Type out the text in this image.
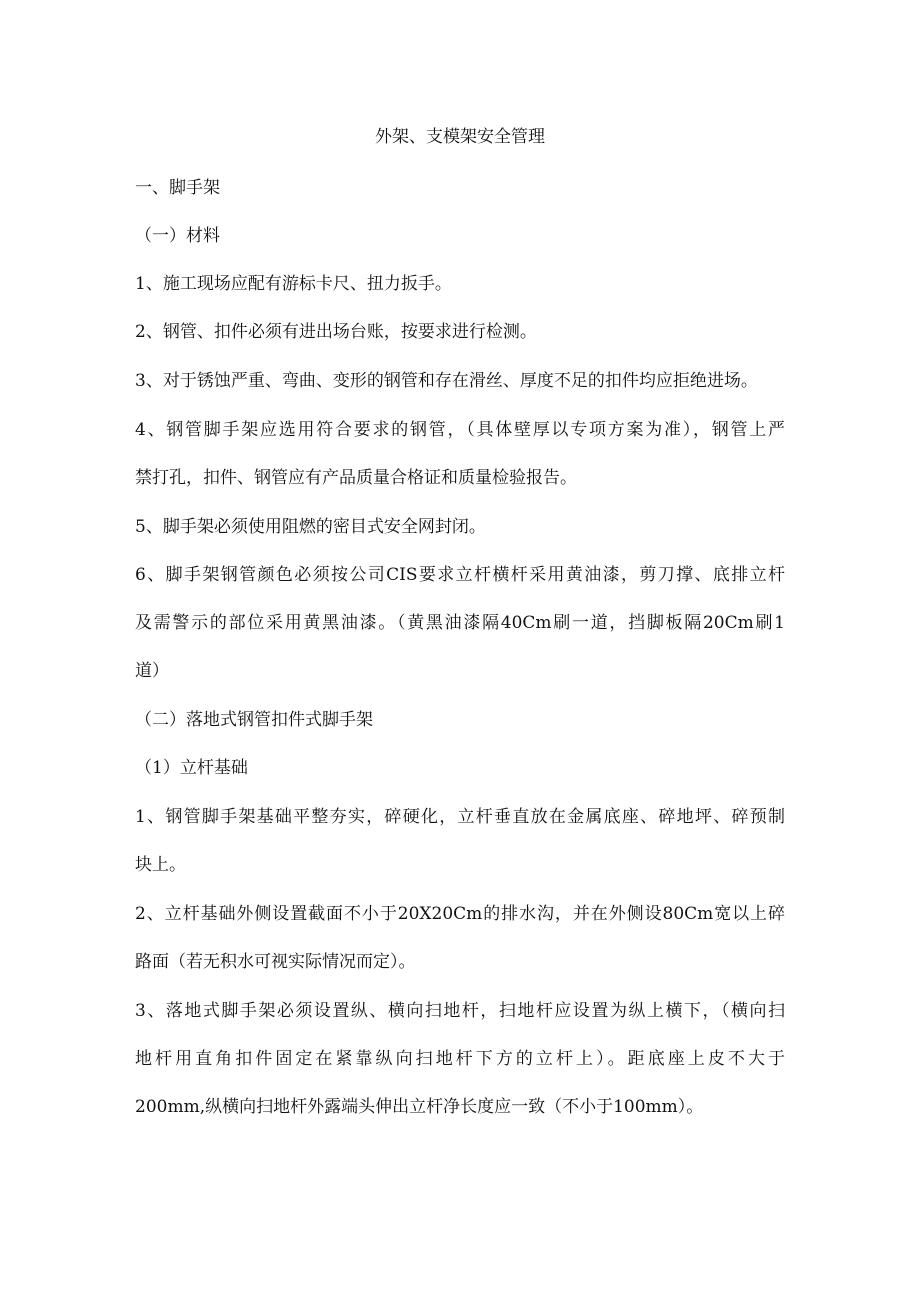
外架、支模架安全管理
一、脚手架
（一）材料
1、施工现场应配有游标卡尺、扭力扳手。
2、钢管、扣件必须有进出场台账，按要求进行检测。
3、对于锈蚀严重、弯曲、变形的钢管和存在滑丝、厚度不足的扣件均应拒绝进场。
4、钢管脚手架应选用符合要求的钢管，（具体壁厚以专项方案为准），钢管上严
禁打孔，扣件、钢管应有产品质量合格证和质量检验报告。
5、脚手架必须使用阻燃的密目式安全网封闭。
6、脚手架钢管颜色必须按公司CIS要求立杆横杆采用黄油漆，剪刀撑、底排立杆
及需警示的部位采用黄黑油漆。（黄黑油漆隔40Cm刷一道，挡脚板隔20Cm刷1
道）
（二）落地式钢管扣件式脚手架
（1）立杆基础
1、钢管脚手架基础平整夯实，碎硬化，立杆垂直放在金属底座、碎地坪、碎预制
块上。
2、立杆基础外侧设置截面不小于20X20Cm的排水沟，并在外侧设80Cm宽以上碎
路面（若无积水可视实际情况而定）。
3、落地式脚手架必须设置纵、横向扫地杆，扫地杆应设置为纵上横下，（横向扫
地杆用直角扣件固定在紧靠纵向扫地杆下方的立杆上）。距底座上皮不大于
200mm,纵横向扫地杆外露端头伸出立杆净长度应一致（不小于100mm）。
